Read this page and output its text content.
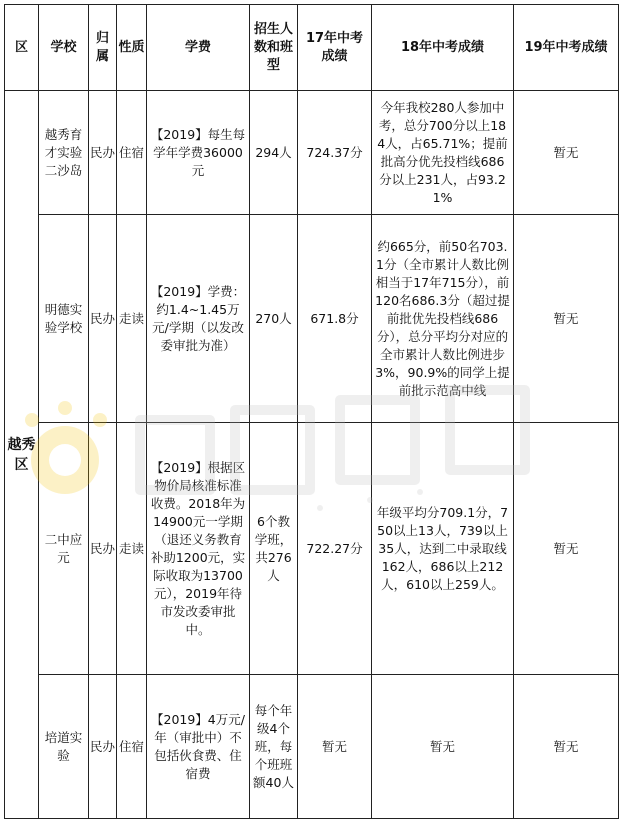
区	学校	归属	性质	学费	招生人数和班型	17年中考成绩	18年中考成绩	19年中考成绩
越秀区	越秀育才实验二沙岛	民办	住宿	【2019】每生每学年学费36000元	294人	724.37分	今年我校280人参加中考，总分700分以上184人，占65.71%；提前批高分优先投档线686分以上231人，占93.21%	暂无
	明德实验学校	民办	走读	【2019】学费：约1.4~1.45万元/学期（以发改委审批为准）	270人	671.8分	约665分，前50名703.1分（全市累计人数比例相当于17年715分），前120名686.3分（超过提前批优先投档线686分），总分平均分对应的全市累计人数比例进步3%，90.9%的同学上提前批示范高中线	暂无
	二中应元	民办	走读	【2019】根据区物价局核准标准收费。2018年为14900元一学期（退还义务教育补助1200元，实际收取为13700元），2019年待市发改委审批中。	6个教学班，共276人	722.27分	年级平均分709.1分，750以上13人，739以上35人，达到二中录取线162人，686以上212人，610以上259人。	暂无
	培道实验	民办	住宿	【2019】4万元/年（审批中）不包括伙食费、住宿费	每个年级4个班，每个班班额40人	暂无	暂无	暂无
